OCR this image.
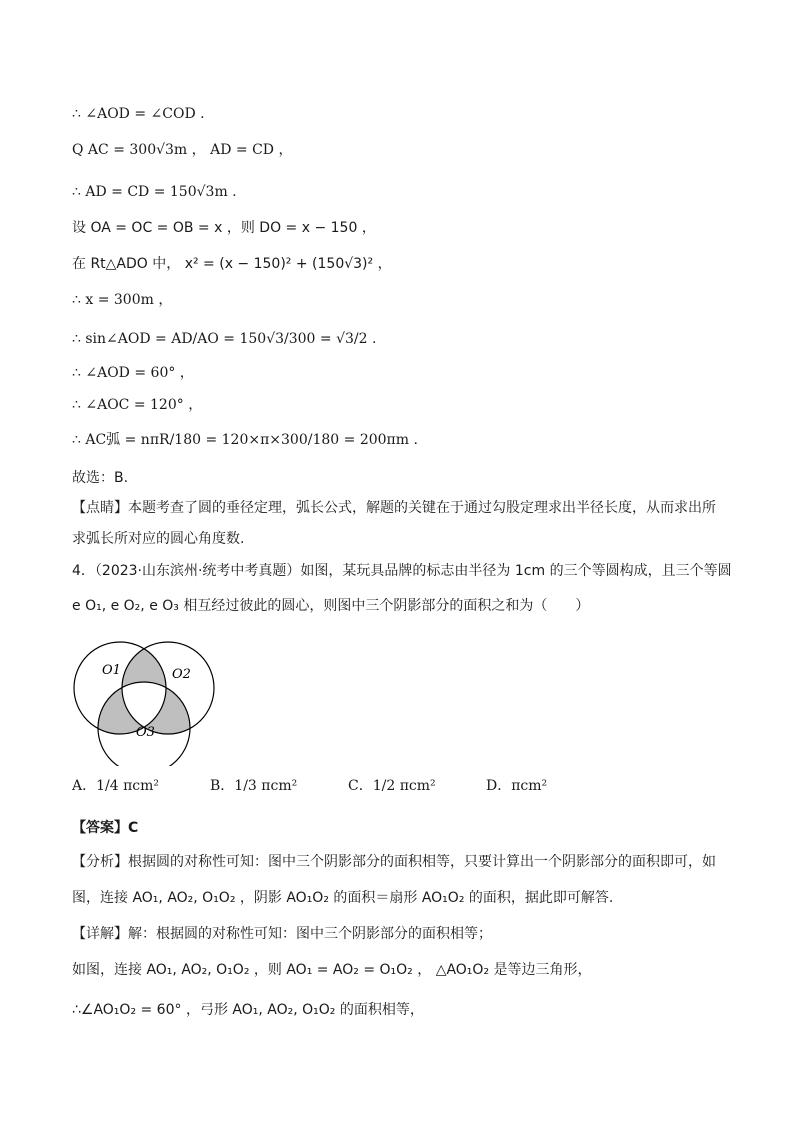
∴ ∠AOD = ∠COD .
Q AC = 300√3m ， AD = CD ，
∴ AD = CD = 150√3m .
设 OA = OC = OB = x ，则 DO = x − 150 ，
在 Rt△ADO 中， x² = (x − 150)² + (150√3)² ，
∴ x = 300m ，
∴ sin∠AOD = AD/AO = 150√3/300 = √3/2 .
∴ ∠AOD = 60° ，
∴ ∠AOC = 120° ，
∴ AC弧 = nπR/180 = 120×π×300/180 = 200πm .
故选：B.
【点睛】本题考查了圆的垂径定理，弧长公式，解题的关键在于通过勾股定理求出半径长度，从而求出所
求弧长所对应的圆心角度数.
4．（2023·山东滨州·统考中考真题）如图，某玩具品牌的标志由半径为 1cm 的三个等圆构成，且三个等圆
e O₁, e O₂, e O₃ 相互经过彼此的圆心，则图中三个阴影部分的面积之和为（　　）
O1	O2
O3
A．1/4 πcm²	B．1/3 πcm²	C．1/2 πcm²	D．πcm²
【答案】C
【分析】根据圆的对称性可知：图中三个阴影部分的面积相等，只要计算出一个阴影部分的面积即可，如
图，连接 AO₁, AO₂, O₁O₂ ，阴影 AO₁O₂ 的面积＝扇形 AO₁O₂ 的面积，据此即可解答.
【详解】解：根据圆的对称性可知：图中三个阴影部分的面积相等；
如图，连接 AO₁, AO₂, O₁O₂ ，则 AO₁ = AO₂ = O₁O₂ ， △AO₁O₂ 是等边三角形，
∴∠AO₁O₂ = 60° ，弓形 AO₁, AO₂, O₁O₂ 的面积相等，
